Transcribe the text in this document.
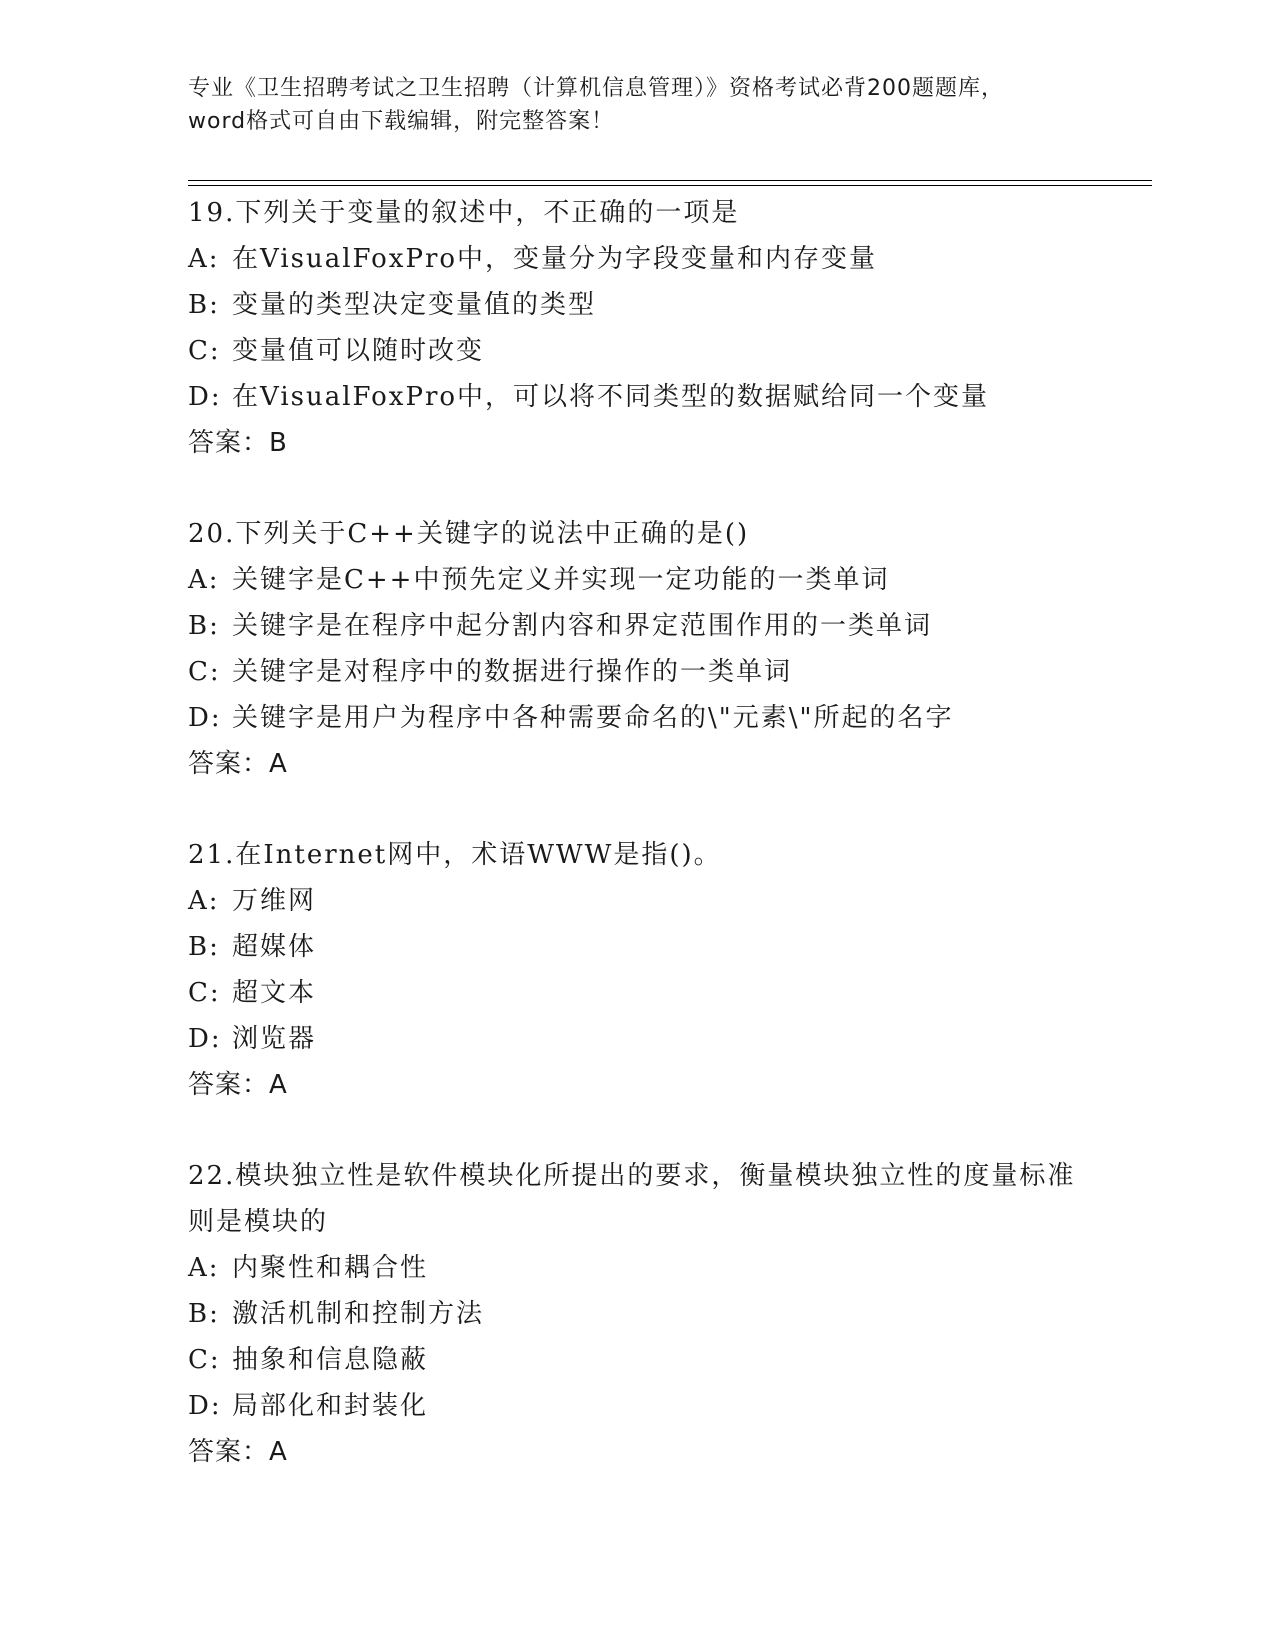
专业《卫生招聘考试之卫生招聘（计算机信息管理）》资格考试必背200题题库，
word格式可自由下载编辑，附完整答案！
19.下列关于变量的叙述中，不正确的一项是
A: 在VisualFoxPro中，变量分为字段变量和内存变量
B: 变量的类型决定变量值的类型
C: 变量值可以随时改变
D: 在VisualFoxPro中，可以将不同类型的数据赋给同一个变量
答案：B
20.下列关于C++关键字的说法中正确的是()
A: 关键字是C++中预先定义并实现一定功能的一类单词
B: 关键字是在程序中起分割内容和界定范围作用的一类单词
C: 关键字是对程序中的数据进行操作的一类单词
D: 关键字是用户为程序中各种需要命名的\"元素\"所起的名字
答案：A
21.在Internet网中，术语WWW是指()。
A: 万维网
B: 超媒体
C: 超文本
D: 浏览器
答案：A
22.模块独立性是软件模块化所提出的要求，衡量模块独立性的度量标准则是模块的
A: 内聚性和耦合性
B: 激活机制和控制方法
C: 抽象和信息隐蔽
D: 局部化和封装化
答案：A
